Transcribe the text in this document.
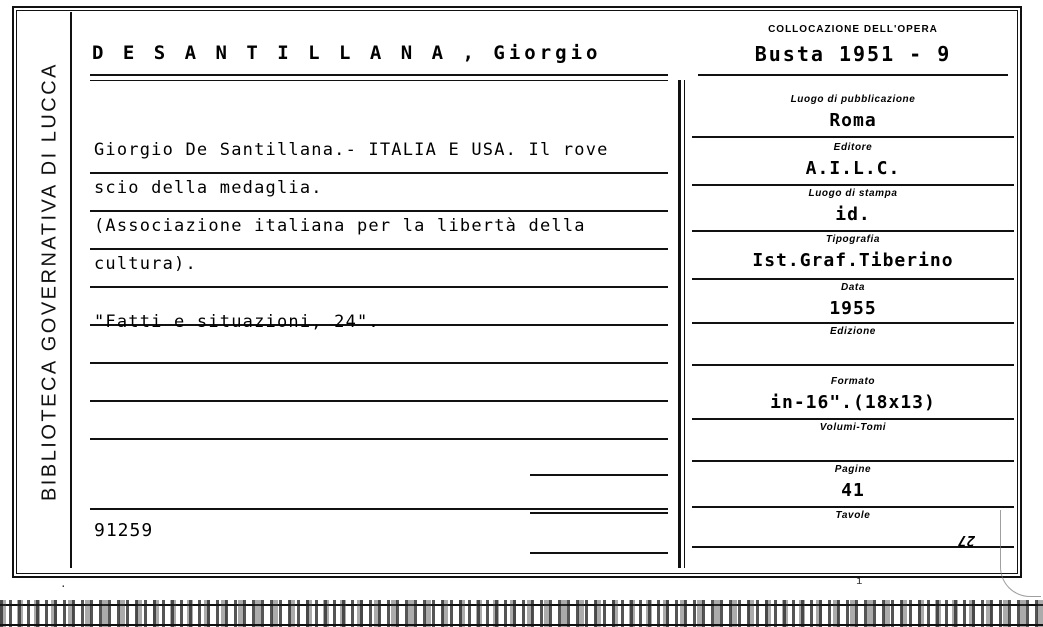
BIBLIOTECA GOVERNATIVA DI LUCCA
D E S A N T I L L A N A , Giorgio
COLLOCAZIONE DELL'OPERA
Busta 1951 - 9
Giorgio De Santillana.- ITALIA E USA. Il rove
scio della medaglia.
(Associazione italiana per la libertà della
cultura).
"Fatti e situazioni, 24".
91259
Luogo di pubblicazione
Roma
Editore
A.I.L.C.
Luogo di stampa
id.
Tipografia
Ist.Graf.Tiberino
Data
1955
Edizione
Formato
in-16".(18x13)
Volumi-Tomi
Pagine
41
Tavole
27
·	ı
